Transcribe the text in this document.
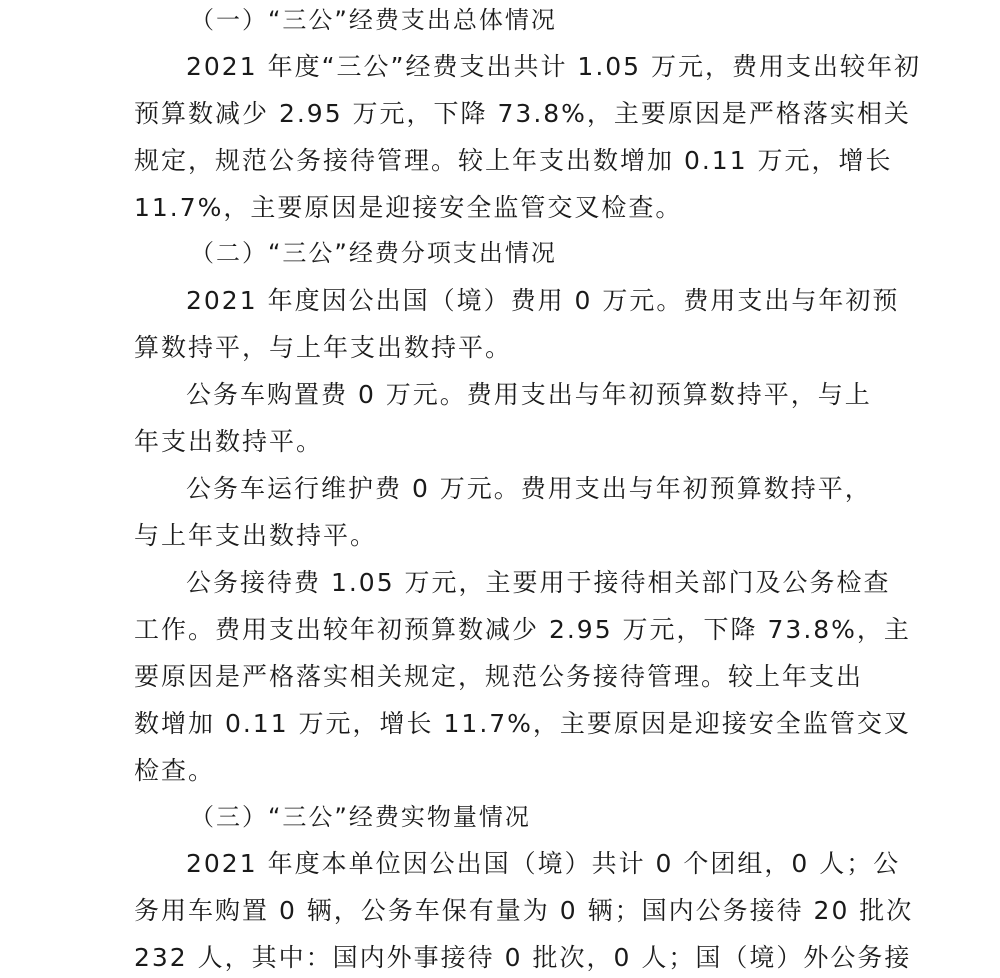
（一）“三公”经费支出总体情况
2021 年度“三公”经费支出共计 1.05 万元，费用支出较年初
预算数减少 2.95 万元，下降 73.8%，主要原因是严格落实相关
规定，规范公务接待管理。较上年支出数增加 0.11 万元，增长
11.7%，主要原因是迎接安全监管交叉检查。
（二）“三公”经费分项支出情况
2021 年度因公出国（境）费用 0 万元。费用支出与年初预
算数持平，与上年支出数持平。
公务车购置费 0 万元。费用支出与年初预算数持平，与上
年支出数持平。
公务车运行维护费 0 万元。费用支出与年初预算数持平，
与上年支出数持平。
公务接待费 1.05 万元，主要用于接待相关部门及公务检查
工作。费用支出较年初预算数减少 2.95 万元，下降 73.8%，主
要原因是严格落实相关规定，规范公务接待管理。较上年支出
数增加 0.11 万元，增长 11.7%，主要原因是迎接安全监管交叉
检查。
（三）“三公”经费实物量情况
2021 年度本单位因公出国（境）共计 0 个团组，0 人；公
务用车购置 0 辆，公务车保有量为 0 辆；国内公务接待 20 批次
232 人，其中：国内外事接待 0 批次，0 人；国（境）外公务接
